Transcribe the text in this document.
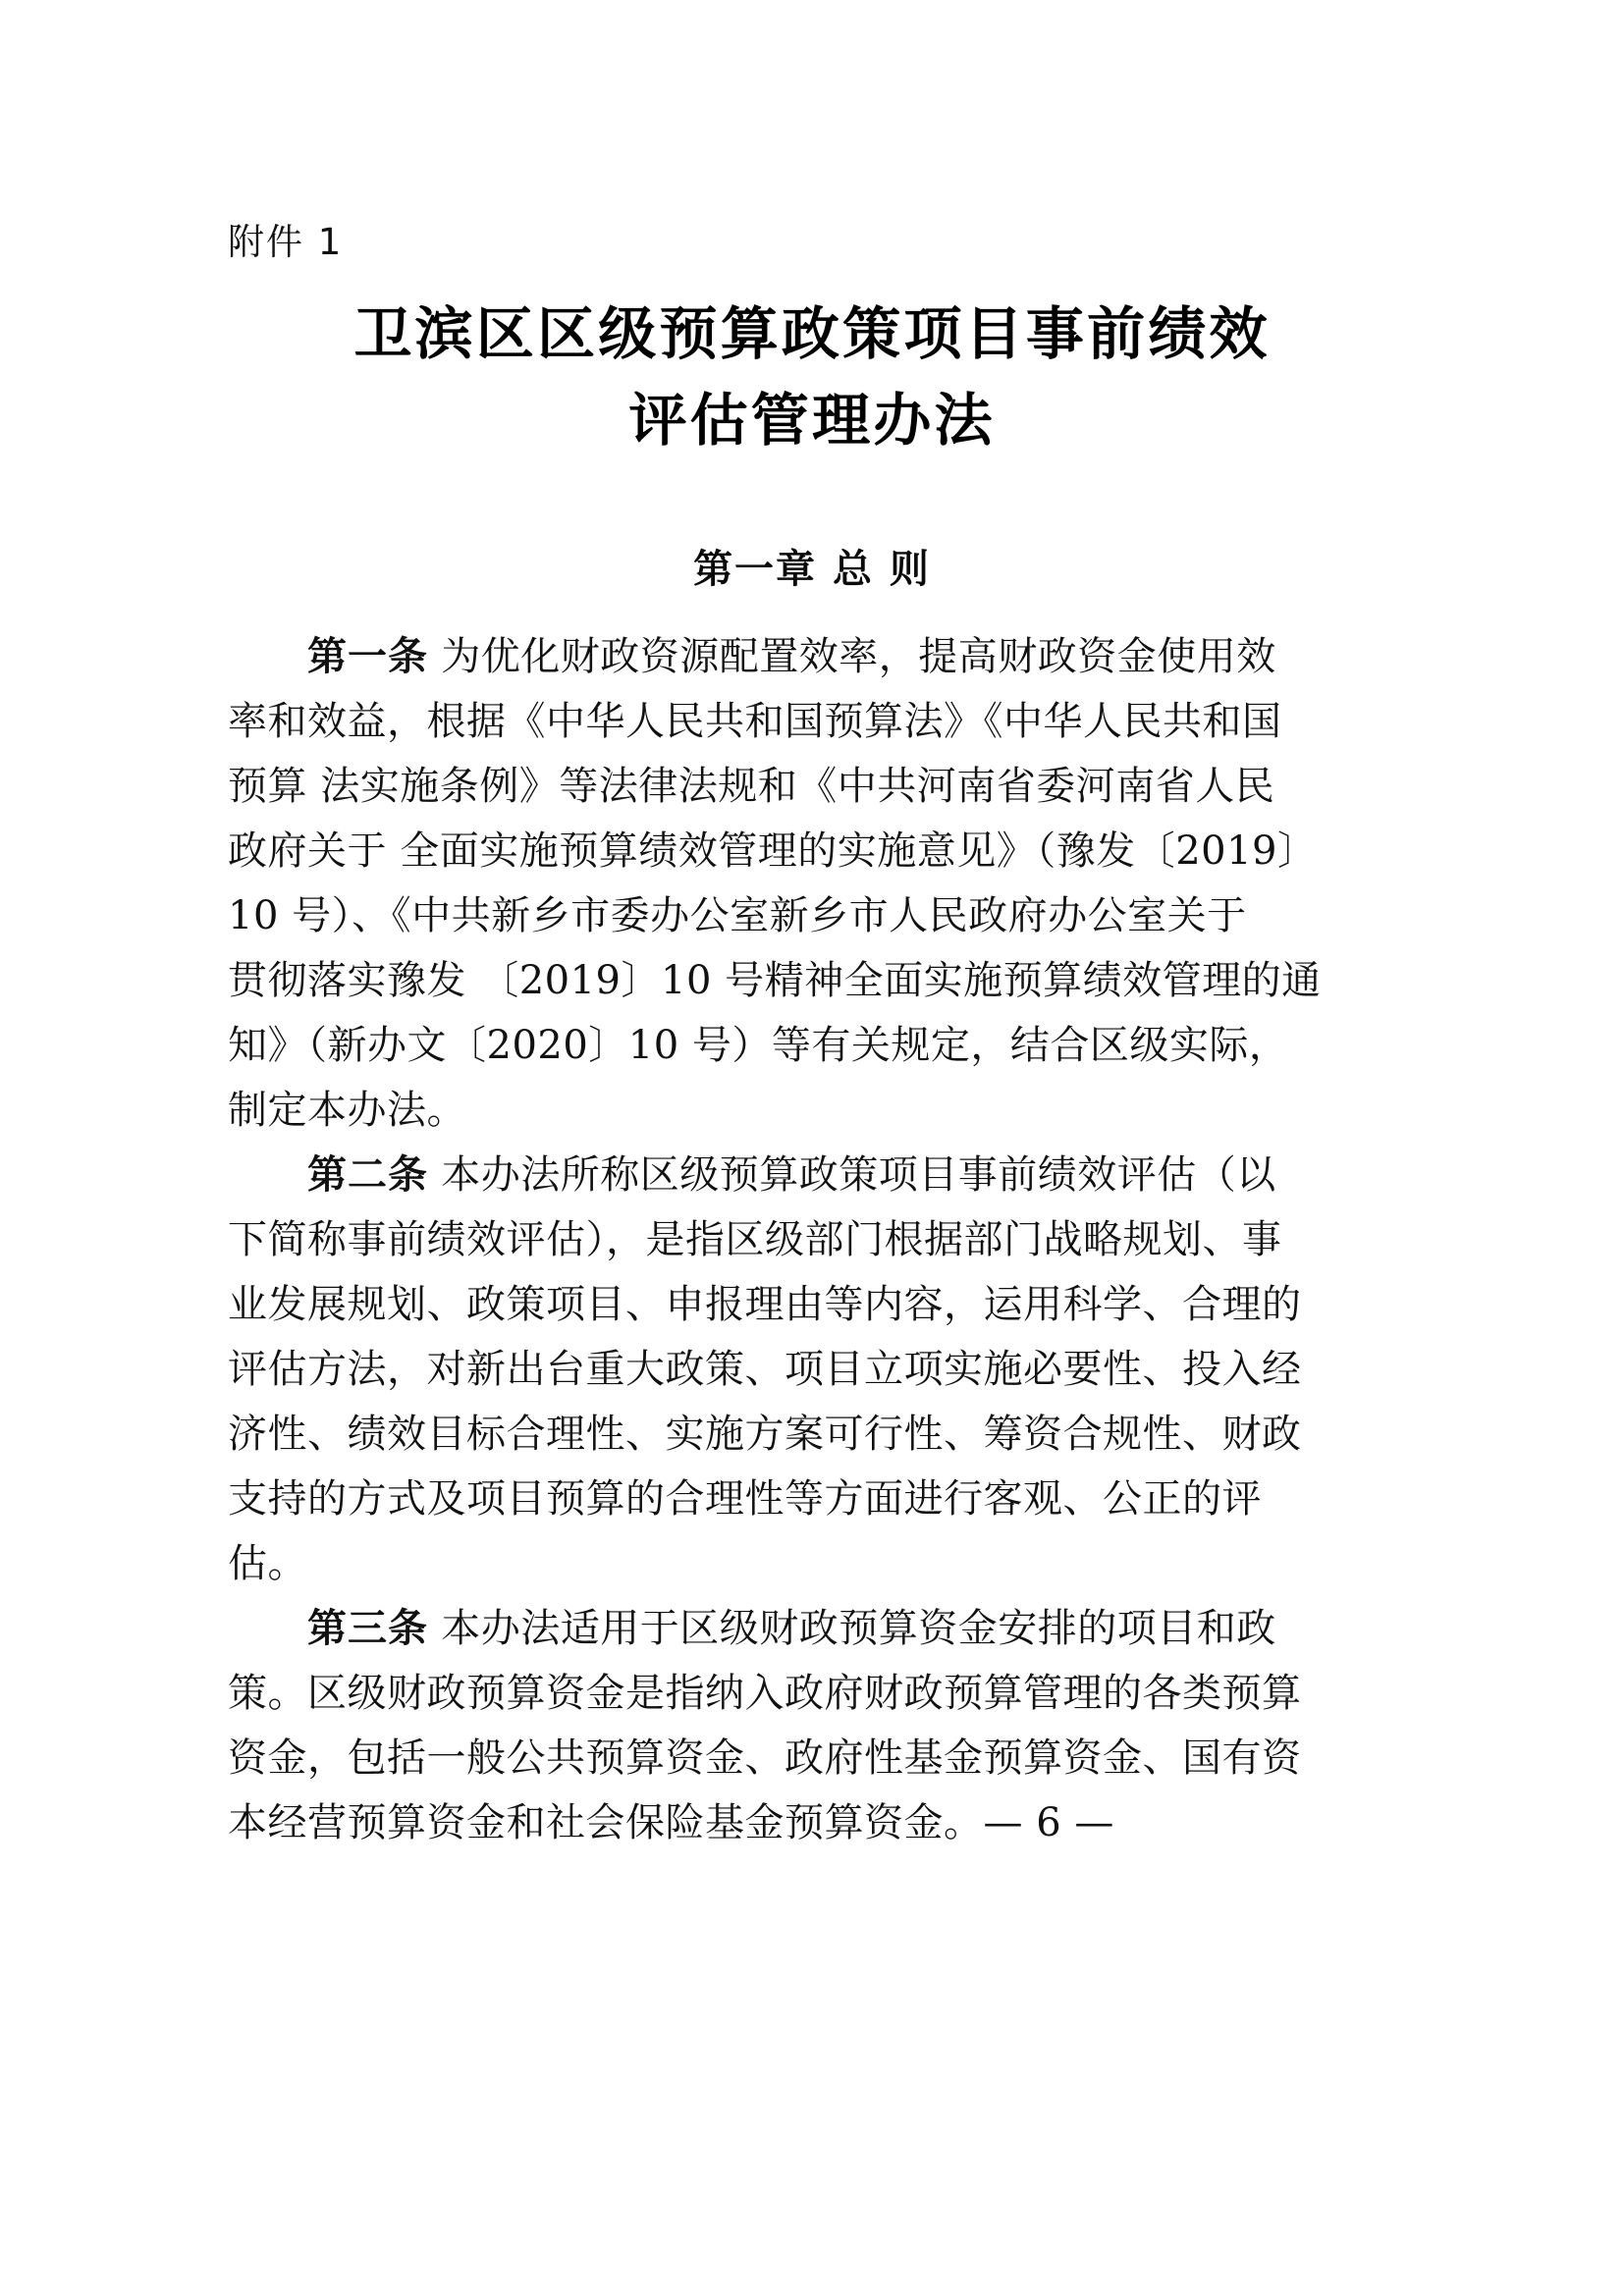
附件 1
卫滨区区级预算政策项目事前绩效
评估管理办法
第一章 总 则
　　第一条 为优化财政资源配置效率，提高财政资金使用效
率和效益，根据《中华人民共和国预算法》《中华人民共和国
预算 法实施条例》等法律法规和《中共河南省委河南省人民
政府关于 全面实施预算绩效管理的实施意见》（豫发〔2019〕
10 号）、《中共新乡市委办公室新乡市人民政府办公室关于
贯彻落实豫发 〔2019〕10 号精神全面实施预算绩效管理的通
知》（新办文〔2020〕10 号）等有关规定，结合区级实际，
制定本办法。
　　第二条 本办法所称区级预算政策项目事前绩效评估（以
下简称事前绩效评估），是指区级部门根据部门战略规划、事
业发展规划、政策项目、申报理由等内容，运用科学、合理的
评估方法，对新出台重大政策、项目立项实施必要性、投入经
济性、绩效目标合理性、实施方案可行性、筹资合规性、财政
支持的方式及项目预算的合理性等方面进行客观、公正的评
估。
　　第三条 本办法适用于区级财政预算资金安排的项目和政
策。区级财政预算资金是指纳入政府财政预算管理的各类预算
资金，包括一般公共预算资金、政府性基金预算资金、国有资
本经营预算资金和社会保险基金预算资金。— 6 —
